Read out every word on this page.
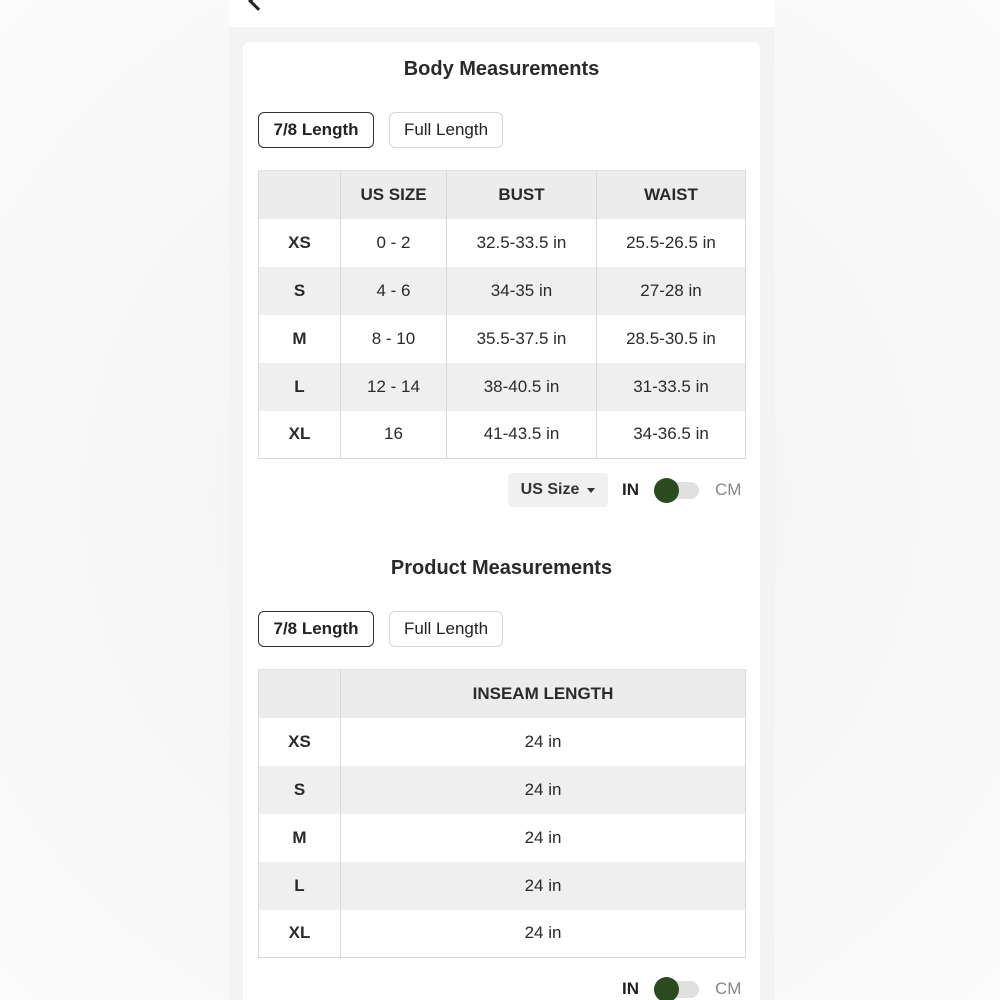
Body Measurements
7/8 Length	Full Length
	US SIZE	BUST	WAIST
XS	0 - 2	32.5-33.5 in	25.5-26.5 in
S	4 - 6	34-35 in	27-28 in
M	8 - 10	35.5-37.5 in	28.5-30.5 in
L	12 - 14	38-40.5 in	31-33.5 in
XL	16	41-43.5 in	34-36.5 in
US Size	IN	CM
Product Measurements
7/8 Length	Full Length
	INSEAM LENGTH
XS	24 in
S	24 in
M	24 in
L	24 in
XL	24 in
IN	CM
